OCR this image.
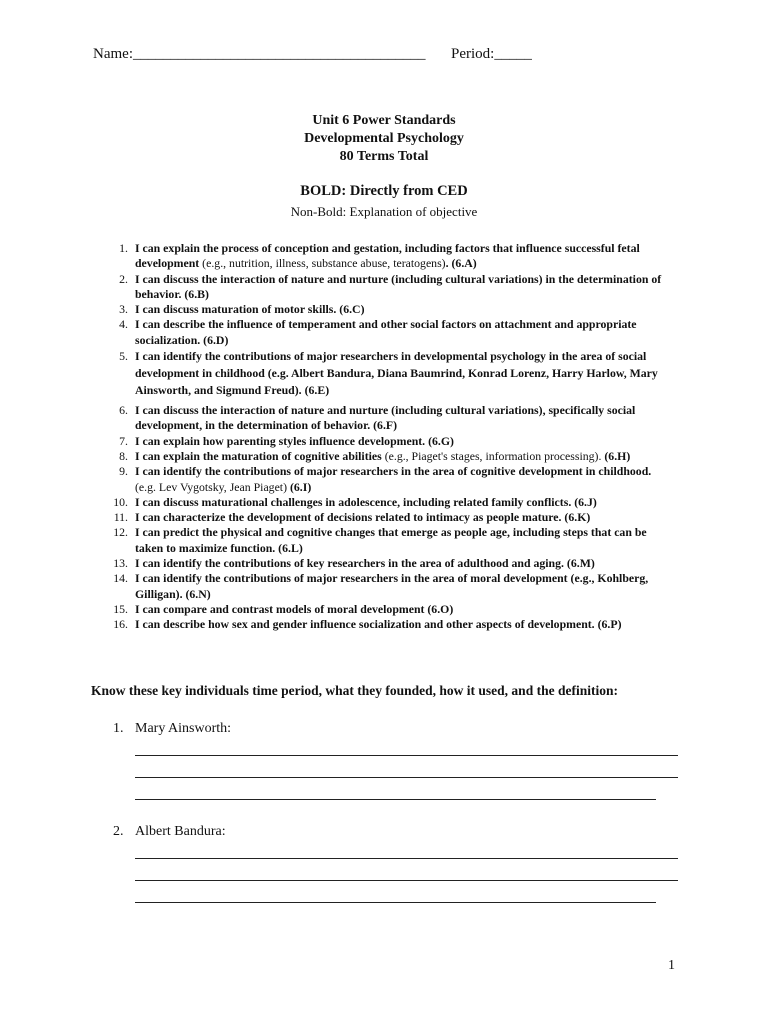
Name:_______________________________________ Period:_____
Unit 6 Power Standards
Developmental Psychology
80 Terms Total
BOLD: Directly from CED
Non-Bold: Explanation of objective
1. I can explain the process of conception and gestation, including factors that influence successful fetal development (e.g., nutrition, illness, substance abuse, teratogens). (6.A)
2. I can discuss the interaction of nature and nurture (including cultural variations) in the determination of behavior. (6.B)
3. I can discuss maturation of motor skills. (6.C)
4. I can describe the influence of temperament and other social factors on attachment and appropriate socialization. (6.D)
5. I can identify the contributions of major researchers in developmental psychology in the area of social development in childhood (e.g. Albert Bandura, Diana Baumrind, Konrad Lorenz, Harry Harlow, Mary Ainsworth, and Sigmund Freud). (6.E)
6. I can discuss the interaction of nature and nurture (including cultural variations), specifically social development, in the determination of behavior. (6.F)
7. I can explain how parenting styles influence development. (6.G)
8. I can explain the maturation of cognitive abilities (e.g., Piaget's stages, information processing). (6.H)
9. I can identify the contributions of major researchers in the area of cognitive development in childhood. (e.g. Lev Vygotsky, Jean Piaget) (6.I)
10. I can discuss maturational challenges in adolescence, including related family conflicts. (6.J)
11. I can characterize the development of decisions related to intimacy as people mature. (6.K)
12. I can predict the physical and cognitive changes that emerge as people age, including steps that can be taken to maximize function. (6.L)
13. I can identify the contributions of key researchers in the area of adulthood and aging. (6.M)
14. I can identify the contributions of major researchers in the area of moral development (e.g., Kohlberg, Gilligan). (6.N)
15. I can compare and contrast models of moral development (6.O)
16. I can describe how sex and gender influence socialization and other aspects of development. (6.P)
Know these key individuals time period, what they founded, how it used, and the definition:
1. Mary Ainsworth:
2. Albert Bandura:
1
